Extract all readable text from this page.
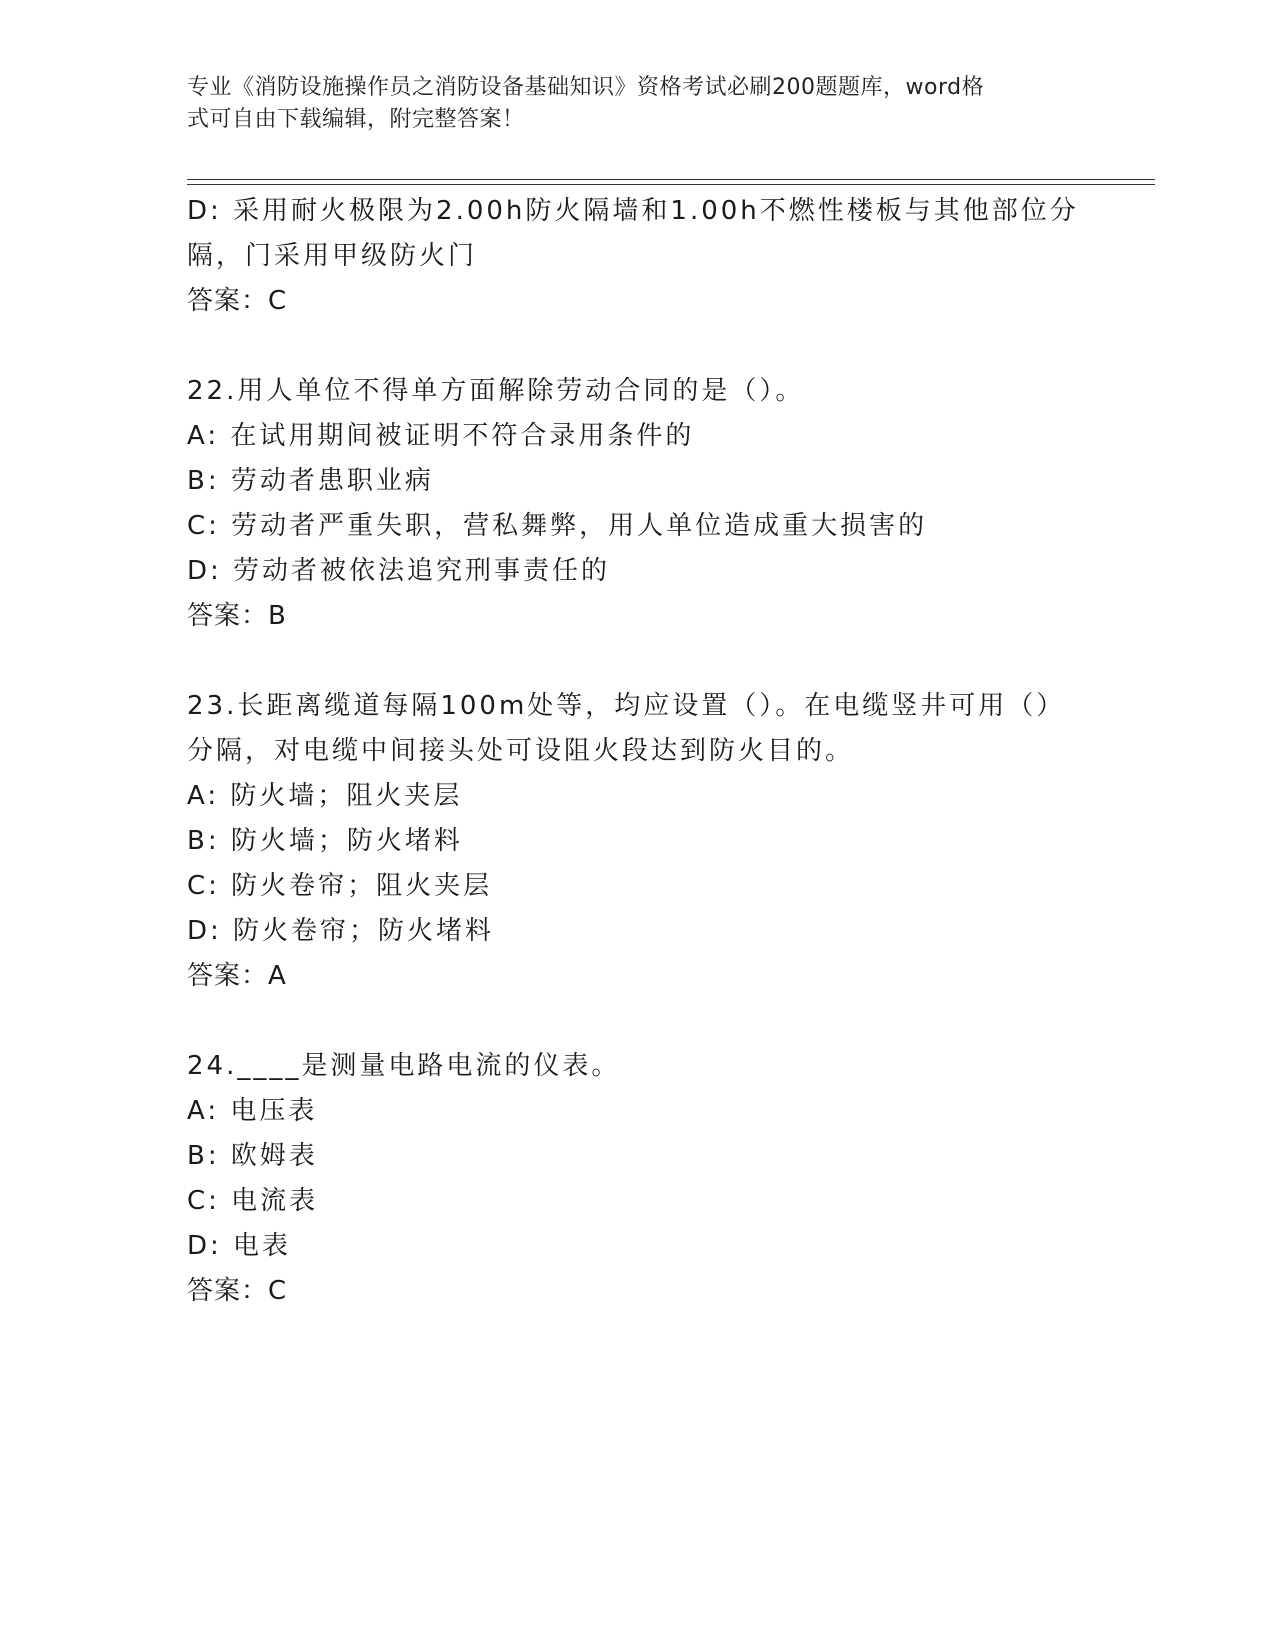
专业《消防设施操作员之消防设备基础知识》资格考试必刷200题题库，word格
式可自由下载编辑，附完整答案！
D: 采用耐火极限为2.00h防火隔墙和1.00h不燃性楼板与其他部位分
隔，门采用甲级防火门
答案：C
22.用人单位不得单方面解除劳动合同的是（）。
A: 在试用期间被证明不符合录用条件的
B: 劳动者患职业病
C: 劳动者严重失职，营私舞弊，用人单位造成重大损害的
D: 劳动者被依法追究刑事责任的
答案：B
23.长距离缆道每隔100m处等，均应设置（）。在电缆竖井可用（）
分隔，对电缆中间接头处可设阻火段达到防火目的。
A: 防火墙；阻火夹层
B: 防火墙；防火堵料
C: 防火卷帘；阻火夹层
D: 防火卷帘；防火堵料
答案：A
24.____是测量电路电流的仪表。
A: 电压表
B: 欧姆表
C: 电流表
D: 电表
答案：C
